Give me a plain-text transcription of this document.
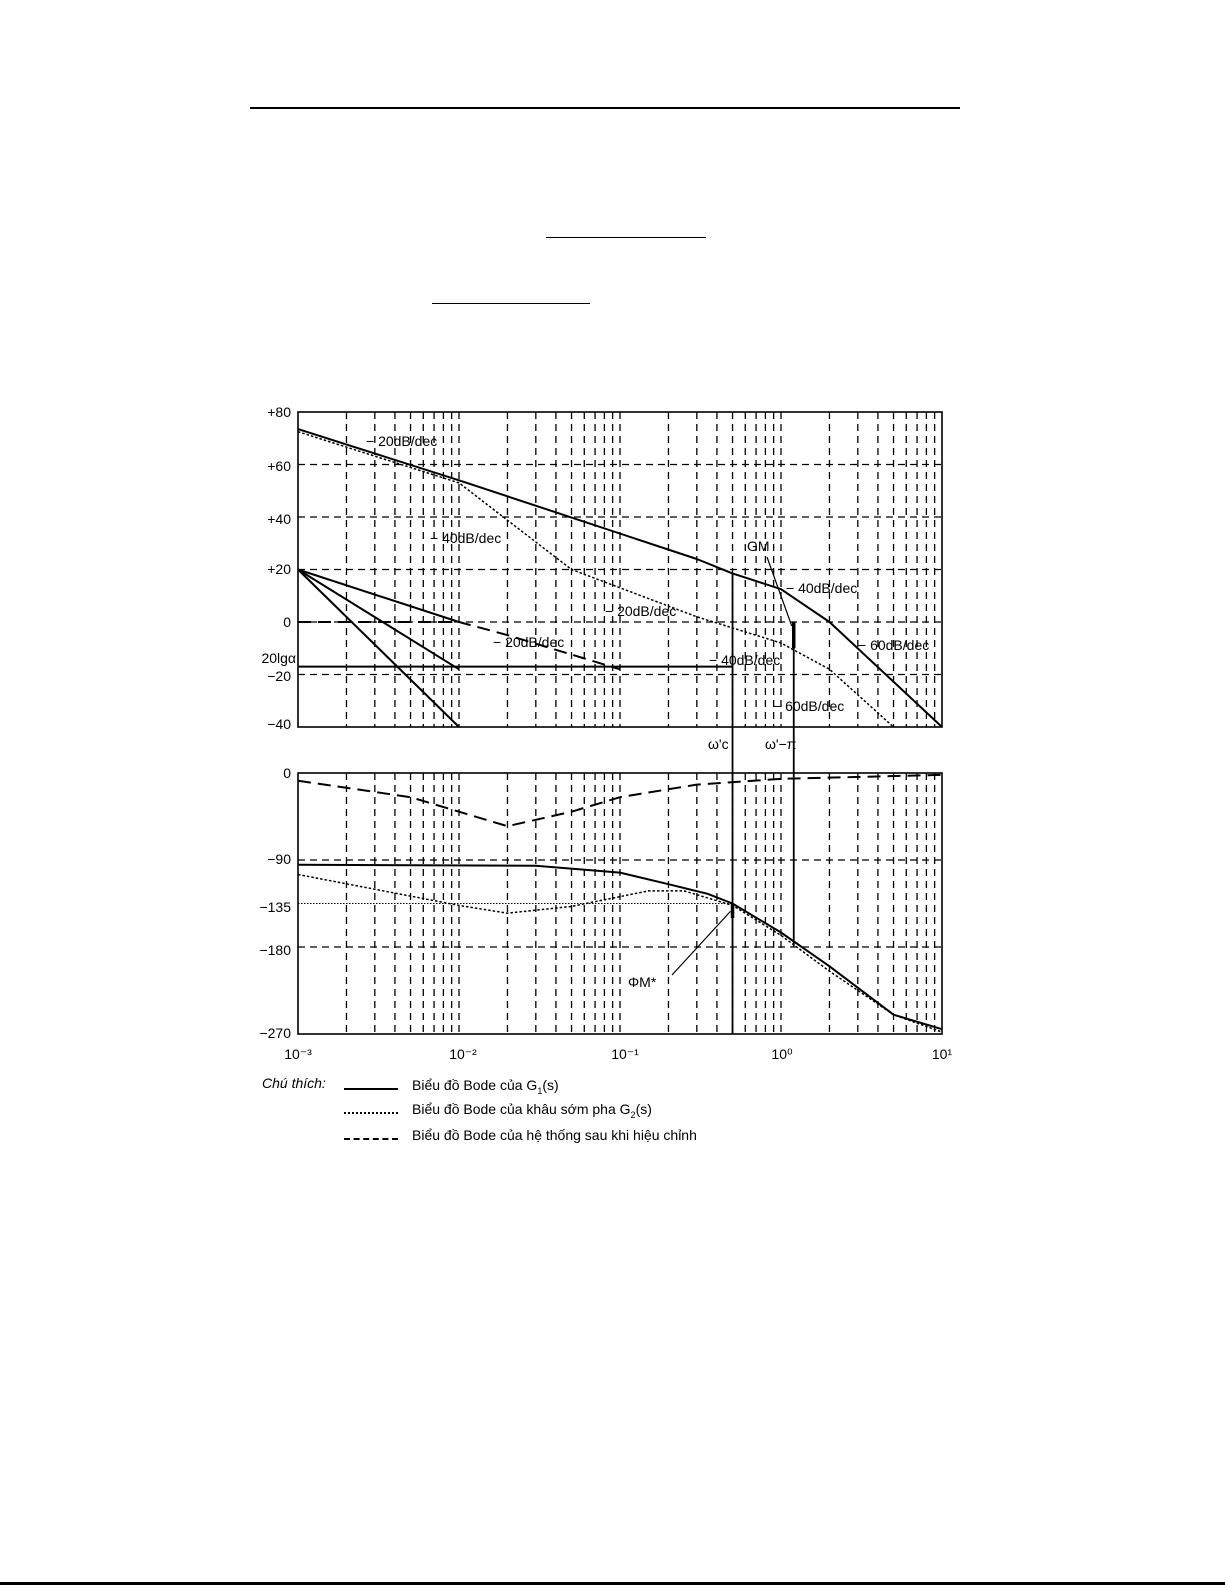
+80
+60
+40
+20
0
−20
−40
20lgα
0
−90
−135
−180
−270
10⁻³	10⁻²	10⁻¹	10⁰	10¹
− 20dB/dec
− 40dB/dec
− 20dB/dec
− 20dB/dec
GM
− 40dB/dec
− 40dB/dec
− 60dB/dec
− 60dB/dec
ω'c	ω'−π
ΦM*
Chú thích:	Biểu đồ Bode của $G_1(s)$
Biểu đồ Bode của khâu sớm pha $G_2(s)$
Biểu đồ Bode của hệ thống sau khi hiệu chỉnh
